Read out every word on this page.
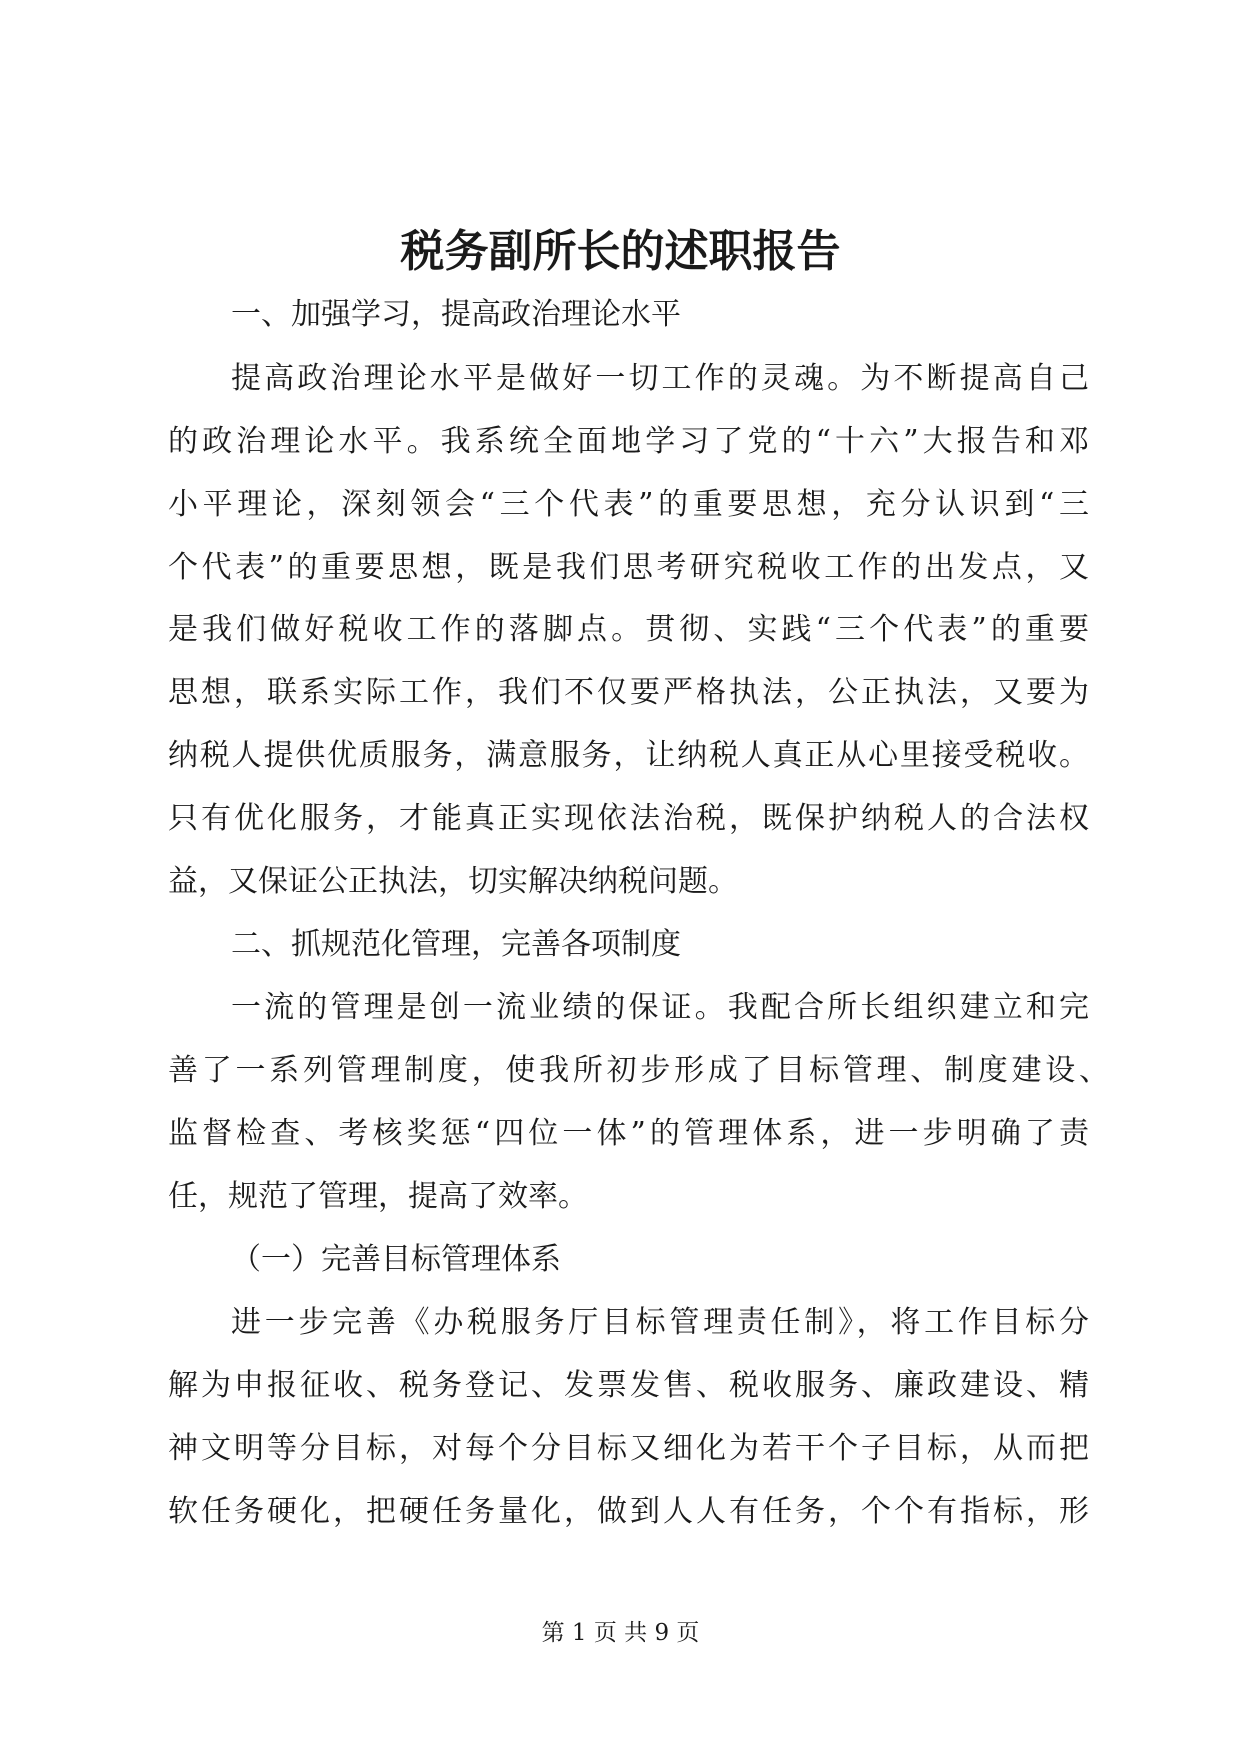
税务副所长的述职报告
一、加强学习，提高政治理论水平
提高政治理论水平是做好一切工作的灵魂。为不断提高自己
的政治理论水平。我系统全面地学习了党的“十六”大报告和邓
小平理论，深刻领会“三个代表”的重要思想，充分认识到“三
个代表”的重要思想，既是我们思考研究税收工作的出发点，又
是我们做好税收工作的落脚点。贯彻、实践“三个代表”的重要
思想，联系实际工作，我们不仅要严格执法，公正执法，又要为
纳税人提供优质服务，满意服务，让纳税人真正从心里接受税收。
只有优化服务，才能真正实现依法治税，既保护纳税人的合法权
益，又保证公正执法，切实解决纳税问题。
二、抓规范化管理，完善各项制度
一流的管理是创一流业绩的保证。我配合所长组织建立和完
善了一系列管理制度，使我所初步形成了目标管理、制度建设、
监督检查、考核奖惩“四位一体”的管理体系，进一步明确了责
任，规范了管理，提高了效率。
（一）完善目标管理体系
进一步完善《办税服务厅目标管理责任制》，将工作目标分
解为申报征收、税务登记、发票发售、税收服务、廉政建设、精
神文明等分目标，对每个分目标又细化为若干个子目标，从而把
软任务硬化，把硬任务量化，做到人人有任务，个个有指标，形
第 1 页 共 9 页
